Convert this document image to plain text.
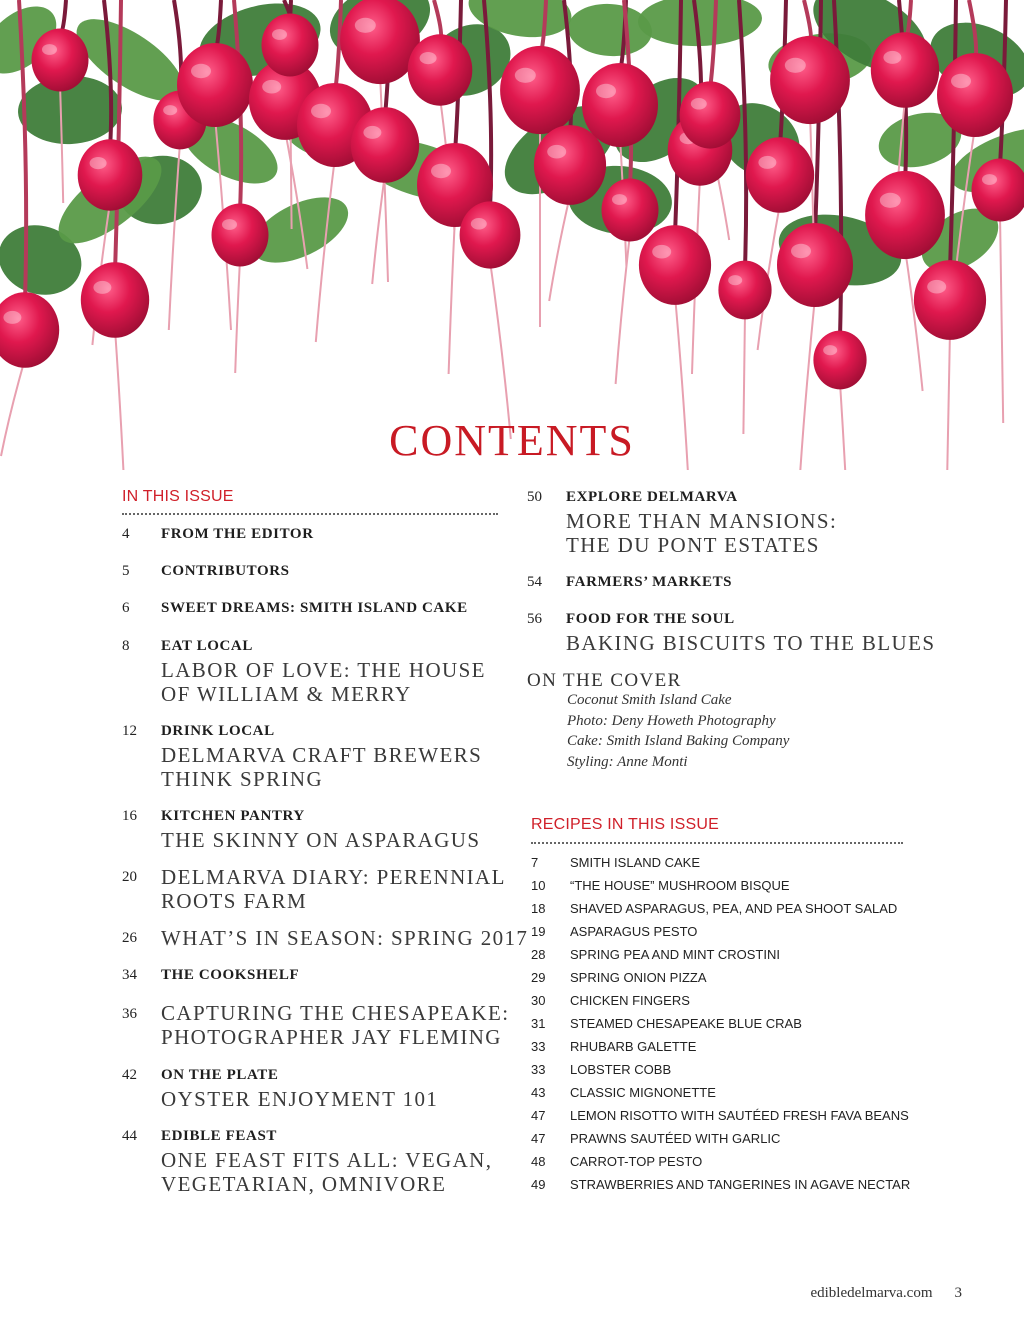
CONTENTS
IN THIS ISSUE
4 FROM THE EDITOR
5 CONTRIBUTORS
6 SWEET DREAMS: SMITH ISLAND CAKE
8 EAT LOCAL
LABOR OF LOVE: THE HOUSE
OF WILLIAM & MERRY
12 DRINK LOCAL
DELMARVA CRAFT BREWERS
THINK SPRING
16 KITCHEN PANTRY
THE SKINNY ON ASPARAGUS
20 DELMARVA DIARY: PERENNIAL
ROOTS FARM
26 WHAT’S IN SEASON: SPRING 2017
34 THE COOKSHELF
36 CAPTURING THE CHESAPEAKE:
PHOTOGRAPHER JAY FLEMING
42 ON THE PLATE
OYSTER ENJOYMENT 101
44 EDIBLE FEAST
ONE FEAST FITS ALL: VEGAN,
VEGETARIAN, OMNIVORE
50 EXPLORE DELMARVA
MORE THAN MANSIONS:
THE DU PONT ESTATES
54 FARMERS’ MARKETS
56 FOOD FOR THE SOUL
BAKING BISCUITS TO THE BLUES
ON THE COVER
Coconut Smith Island Cake
Photo: Deny Howeth Photography
Cake: Smith Island Baking Company
Styling: Anne Monti
RECIPES IN THIS ISSUE
7 SMITH ISLAND CAKE
10 “THE HOUSE” MUSHROOM BISQUE
18 SHAVED ASPARAGUS, PEA, AND PEA SHOOT SALAD
19 ASPARAGUS PESTO
28 SPRING PEA AND MINT CROSTINI
29 SPRING ONION PIZZA
30 CHICKEN FINGERS
31 STEAMED CHESAPEAKE BLUE CRAB
33 RHUBARB GALETTE
33 LOBSTER COBB
43 CLASSIC MIGNONETTE
47 LEMON RISOTTO WITH SAUTÉED FRESH FAVA BEANS
47 PRAWNS SAUTÉED WITH GARLIC
48 CARROT-TOP PESTO
49 STRAWBERRIES AND TANGERINES IN AGAVE NECTAR
edibledelmarva.com 3
